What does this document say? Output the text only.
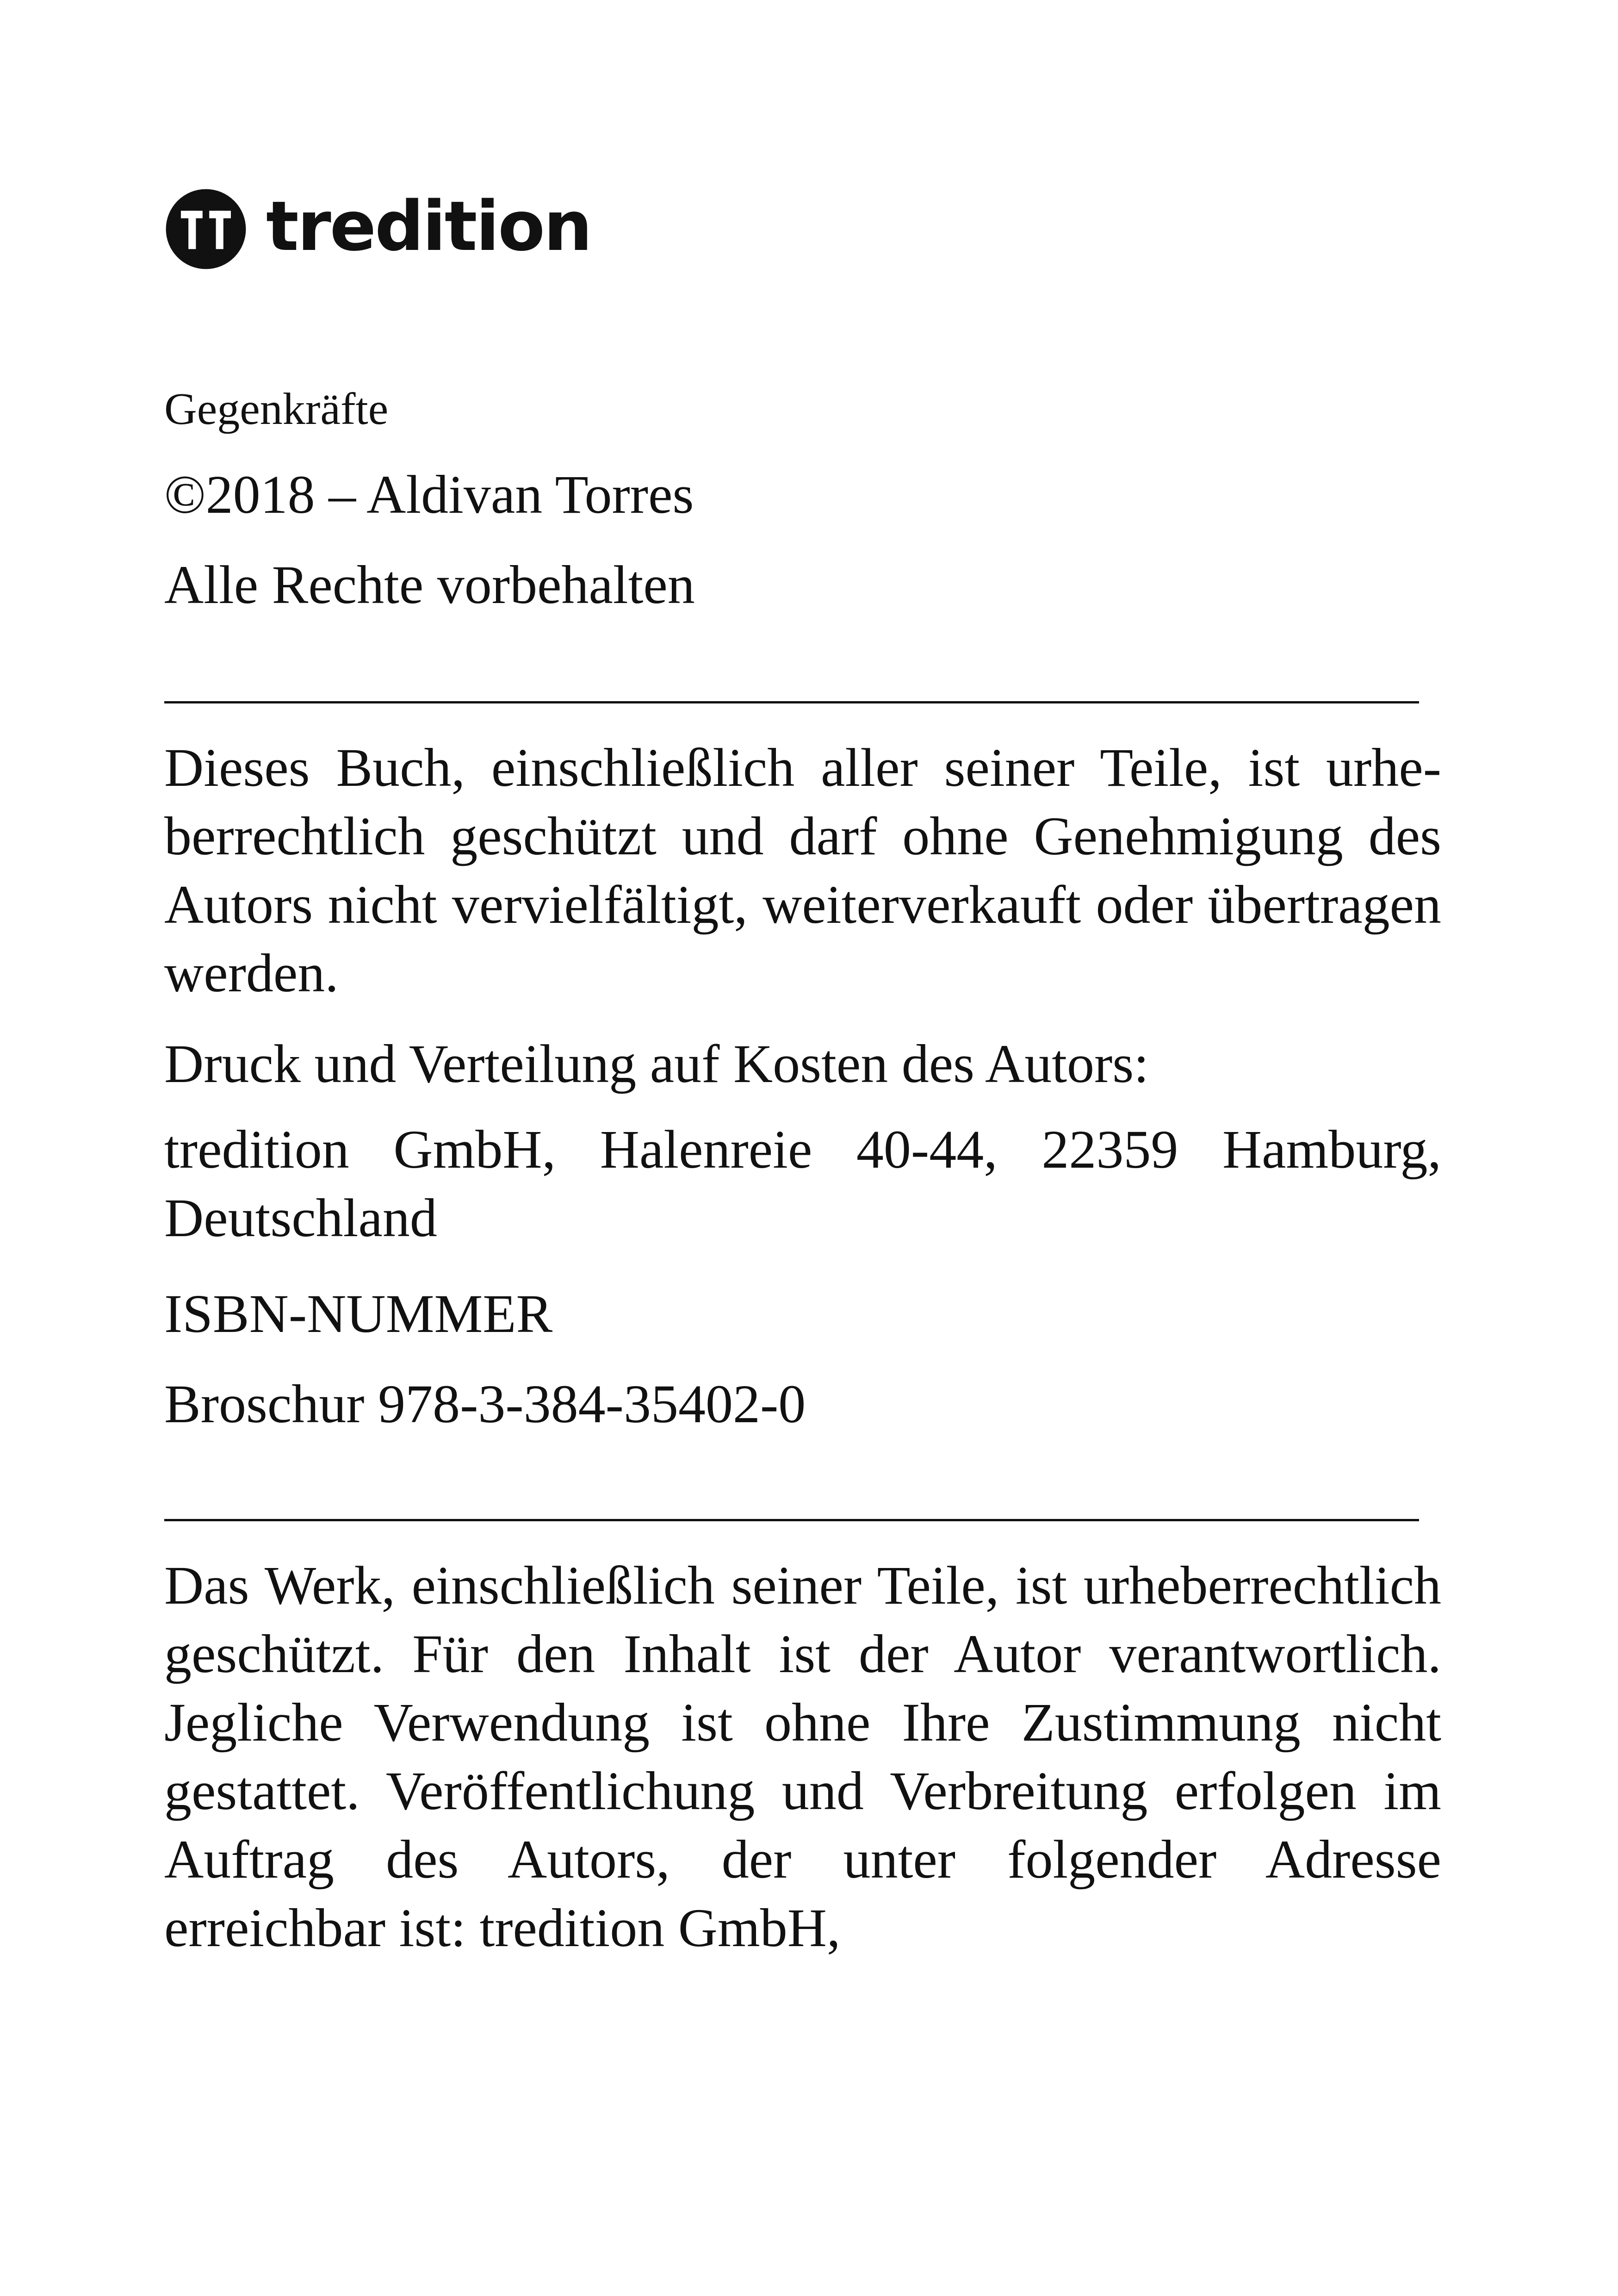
tredition
Gegenkräfte
©2018 – Aldivan Torres
Alle Rechte vorbehalten
Dieses Buch, einschließlich aller seiner Teile, ist urheberrechtlich geschützt und darf ohne Genehmigung des Autors nicht vervielfältigt, weiterverkauft oder übertragen werden.
Druck und Verteilung auf Kosten des Autors:
tredition GmbH, Halenreie 40-44, 22359 Hamburg, Deutschland
ISBN-NUMMER
Broschur 978-3-384-35402-0
Das Werk, einschließlich seiner Teile, ist urheberrechtlich geschützt. Für den Inhalt ist der Autor verantwortlich. Jegliche Verwendung ist ohne Ihre Zustimmung nicht gestattet. Veröffentlichung und Verbreitung erfolgen im Auftrag des Autors, der unter folgender Adresse erreichbar ist: tredition GmbH,
